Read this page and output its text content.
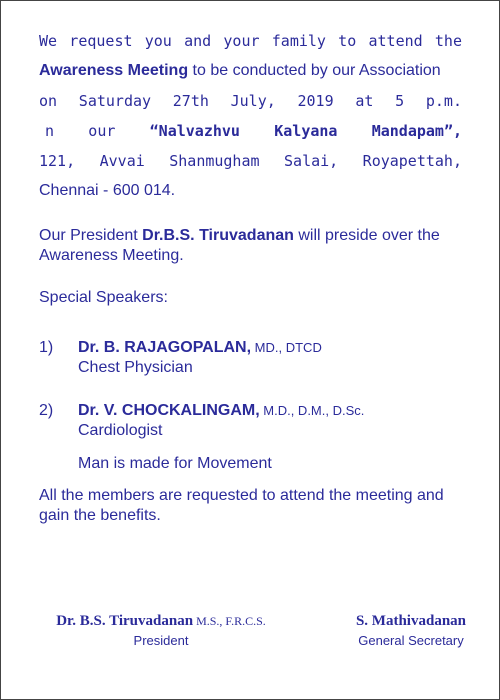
We request you and your family to attend the
Awareness Meeting to be conducted by our Association
on Saturday 27th July, 2019 at 5 p.m.
n our “Nalvazhvu Kalyana Mandapam”,
121, Avvai Shanmugham Salai, Royapettah,
Chennai - 600 014.
Our President Dr.B.S. Tiruvadanan will preside over the
Awareness Meeting.
Special Speakers:
1) Dr. B. RAJAGOPALAN, MD., DTCD
Chest Physician
2) Dr. V. CHOCKALINGAM, M.D., D.M., D.Sc.
Cardiologist
Man is made for Movement
All the members are requested to attend the meeting and
gain the benefits.
Dr. B.S. Tiruvadanan M.S., F.R.C.S.
President
S. Mathivadanan
General Secretary
